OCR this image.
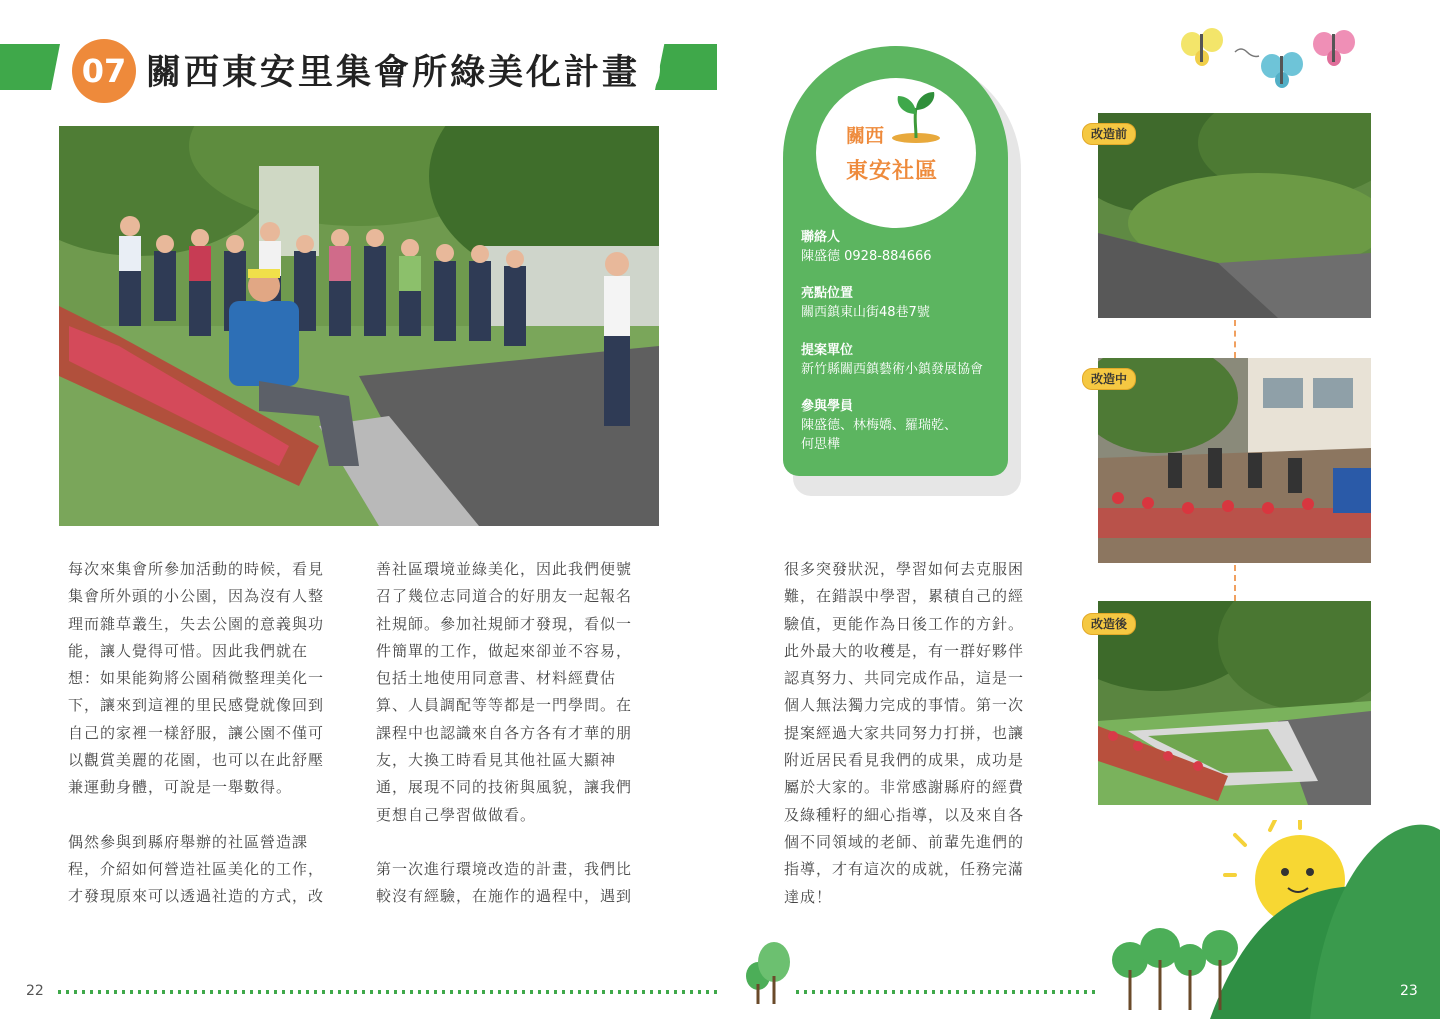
07 關西東安里集會所綠美化計畫

每次來集會所參加活動的時候，看見
集會所外頭的小公園，因為沒有人整
理而雜草叢生，失去公園的意義與功
能，讓人覺得可惜。因此我們就在
想：如果能夠將公園稍微整理美化一
下，讓來到這裡的里民感覺就像回到
自己的家裡一樣舒服，讓公園不僅可
以觀賞美麗的花園，也可以在此舒壓
兼運動身體，可說是一舉數得。

偶然參與到縣府舉辦的社區營造課
程，介紹如何營造社區美化的工作，
才發現原來可以透過社造的方式，改

善社區環境並綠美化，因此我們便號
召了幾位志同道合的好朋友一起報名
社規師。參加社規師才發現，看似一
件簡單的工作，做起來卻並不容易，
包括土地使用同意書、材料經費估
算、人員調配等等都是一門學問。在
課程中也認識來自各方各有才華的朋
友，大換工時看見其他社區大顯神
通，展現不同的技術與風貌，讓我們
更想自己學習做做看。

第一次進行環境改造的計畫，我們比
較沒有經驗，在施作的過程中，遇到

很多突發狀況，學習如何去克服困
難，在錯誤中學習，累積自己的經
驗值，更能作為日後工作的方針。
此外最大的收穫是，有一群好夥伴
認真努力、共同完成作品，這是一
個人無法獨力完成的事情。第一次
提案經過大家共同努力打拼，也讓
附近居民看見我們的成果，成功是
屬於大家的。非常感謝縣府的經費
及綠種籽的細心指導，以及來自各
個不同領域的老師、前輩先進們的
指導，才有這次的成就，任務完滿
達成！

關西
東安社區
聯絡人
陳盛德 0928-884666
亮點位置
關西鎮東山街48巷7號
提案單位
新竹縣關西鎮藝術小鎮發展協會
參與學員
陳盛德、林梅嬌、羅瑞乾、
何思樺
改造前
改造中
改造後
22	23
